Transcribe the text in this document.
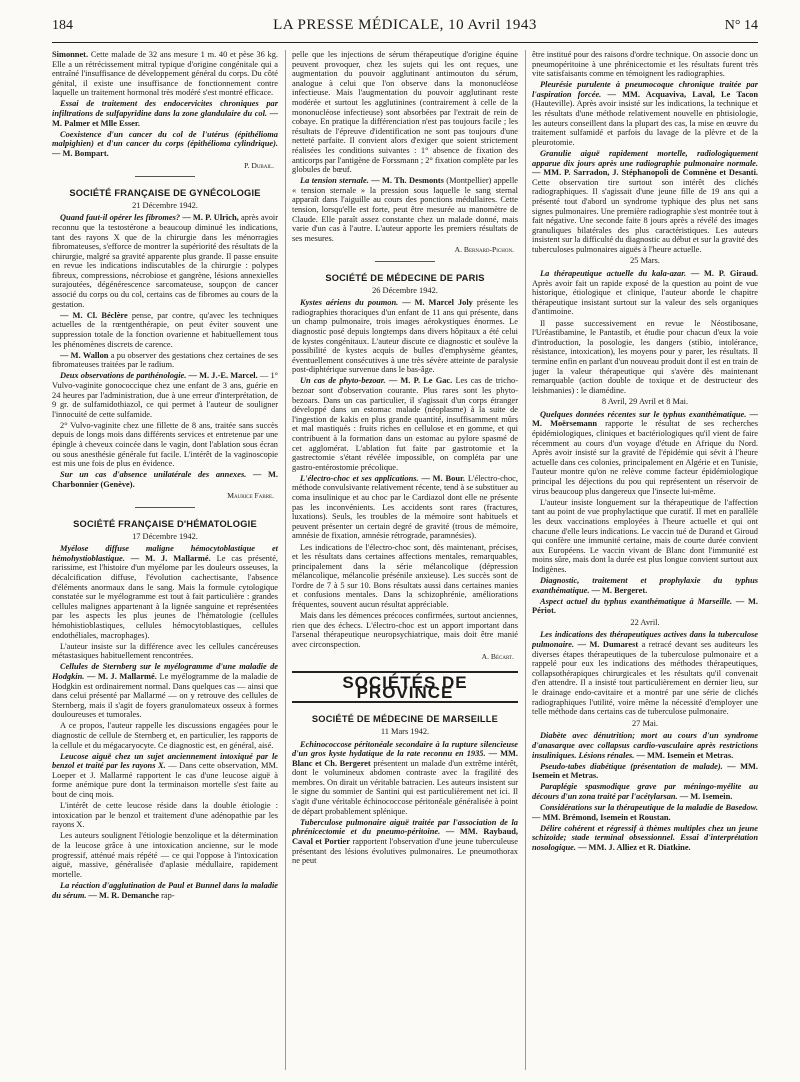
184	LA PRESSE MÉDICALE, 10 Avril 1943	N° 14

Simonnet. Cette malade de 32 ans mesure 1 m. 40 et pèse 36 kg. Elle a un rétrécissement mitral typique d'origine congénitale qui a entraîné l'insuffisance de développement général du corps. Du côté génital, il existe une insuffisance de fonctionnement contre laquelle un traitement hormonal très modéré s'est montré efficace.

Essai de traitement des endocervicites chroniques par infiltrations de sulfapyridine dans la zone glandulaire du col. — M. Palmer et Mlle Esser.

Coexistence d'un cancer du col de l'utérus (épithélioma malpighien) et d'un cancer du corps (épithélioma cylindrique). — M. Bompart.

P. Dubail.
SOCIÉTÉ FRANÇAISE DE GYNÉCOLOGIE
21 Décembre 1942.

Quand faut-il opérer les fibromes? — M. P. Ulrich, après avoir reconnu que la testostérone a beaucoup diminué les indications, tant des rayons X que de la chirurgie dans les ménorragies fibromateuses, s'efforce de montrer la supériorité des résultats de la chirurgie, malgré sa gravité apparente plus grande. Il passe ensuite en revue les indications indiscutables de la chirurgie : polypes fibreux, compressions, nécrobiose et gangrène, lésions annexielles surajoutées, dégénérescence sarcomateuse, soupçon de cancer associé du corps ou du col, certains cas de fibromes au cours de la gestation.

— M. Cl. Béclère pense, par contre, qu'avec les techniques actuelles de la rœntgenthérapie, on peut éviter souvent une suppression totale de la fonction ovarienne et habituellement tous les phénomènes discrets de carence.

— M. Wallon a pu observer des gestations chez certaines de ses fibromateuses traitées par le radium.

Deux observations de parthénologie. — M. J.-E. Marcel. — 1° Vulvo-vaginite gonococcique chez une enfant de 3 ans, guérie en 24 heures par l'administration, due à une erreur d'interprétation, de 9 gr. de sulfamidothiazol, ce qui permet à l'auteur de souligner l'innocuité de cette sulfamide.

2° Vulvo-vaginite chez une fillette de 8 ans, traitée sans succès depuis de longs mois dans différents services et entretenue par une épingle à cheveux coincée dans le vagin, dont l'ablation sous écran ou sous anesthésie générale fut facile. L'intérêt de la vaginoscopie est mis une fois de plus en évidence.

Sur un cas d'absence unilatérale des annexes. — M. Charbonnier (Genève).

Maurice Fabre.
SOCIÉTÉ FRANÇAISE D'HÉMATOLOGIE
17 Décembre 1942.

Myélose diffuse maligne hémocytoblastique et hémohystioblastique. — M. J. Mallarmé. Le cas présenté, rarissime, est l'histoire d'un myélome par les douleurs osseuses, la décalcification diffuse, l'évolution cachectisante, l'absence d'éléments anormaux dans le sang. Mais la formule cytologique constatée sur le myélogramme est tout à fait particulière : grandes cellules malignes appartenant à la lignée sanguine et représentées par les aspects les plus jeunes de l'hématologie (cellules hémohistioblastiques, cellules hémocytoblastiques, cellules endothéliales, macrophages).

L'auteur insiste sur la différence avec les cellules cancéreuses métastasiques habituellement rencontrées.

Cellules de Sternberg sur le myélogramme d'une maladie de Hodgkin. — M. J. Mallarmé. Le myélogramme de la maladie de Hodgkin est ordinairement normal. Dans quelques cas — ainsi que dans celui présenté par Mallarmé — on y retrouve des cellules de Sternberg, mais il s'agit de foyers granulomateux osseux à formes douloureuses et tumorales.

A ce propos, l'auteur rappelle les discussions engagées pour le diagnostic de cellule de Sternberg et, en particulier, les rapports de la cellule et du mégacaryocyte. Ce diagnostic est, en général, aisé.

Leucose aiguë chez un sujet anciennement intoxiqué par le benzol et traité par les rayons X. — Dans cette observation, MM. Loeper et J. Mallarmé rapportent le cas d'une leucose aiguë à forme anémique pure dont la terminaison mortelle s'est faite au bout de cinq mois.

L'intérêt de cette leucose réside dans la double étiologie : intoxication par le benzol et traitement d'une adénopathie par les rayons X.

Les auteurs soulignent l'étiologie benzolique et la détermination de la leucose grâce à une intoxication ancienne, sur le mode progressif, atténué mais répété — ce qui l'oppose à l'intoxication aiguë, massive, généralisée d'aplasie médullaire, rapidement mortelle.

La réaction d'agglutination de Paul et Bunnel dans la maladie du sérum. — M. R. Demanche rap-

pelle que les injections de sérum thérapeutique d'origine équine peuvent provoquer, chez les sujets qui les ont reçues, une augmentation du pouvoir agglutinant antimouton du sérum, analogue à celui que l'on observe dans la mononucléose infectieuse. Mais l'augmentation du pouvoir agglutinant reste modérée et surtout les agglutinines (contrairement à celle de la mononucléose infectieuse) sont absorbées par l'extrait de rein de cobaye. En pratique la différenciation n'est pas toujours facile ; les résultats de l'épreuve d'identification ne sont pas toujours d'une netteté parfaite. Il convient alors d'exiger que soient strictement réalisées les conditions suivantes : 1° absence de fixation des anticorps par l'antigène de Forssmann ; 2° fixation complète par les globules de bœuf.

La tension sternale. — M. Th. Desmonts (Montpellier) appelle « tension sternale » la pression sous laquelle le sang sternal apparaît dans l'aiguille au cours des ponctions médullaires. Cette tension, lorsqu'elle est forte, peut être mesurée au manomètre de Claude. Elle paraît assez constante chez un malade donné, mais varie d'un cas à l'autre. L'auteur apporte les premiers résultats de ses mesures.

A. Bernard-Pichon.
SOCIÉTÉ DE MÉDECINE DE PARIS
26 Décembre 1942.

Kystes aériens du poumon. — M. Marcel Joly présente les radiographies thoraciques d'un enfant de 11 ans qui présente, dans un champ pulmonaire, trois images aérokystiques énormes. Le diagnostic posé depuis longtemps dans divers hôpitaux a été celui de kystes congénitaux. L'auteur discute ce diagnostic et soulève la possibilité de kystes acquis de bulles d'emphysème géantes, éventuellement consécutives à une très sévère atteinte de paralysie post-diphtérique survenue dans le bas-âge.

Un cas de phyto-bezoar. — M. P. Le Gac. Les cas de tricho-bezoar sont d'observation courante. Plus rares sont les phyto-bezoars. Dans un cas particulier, il s'agissait d'un corps étranger développé dans un estomac malade (néoplasme) à la suite de l'ingestion de kakis en plus grande quantité, insuffisamment mûrs et mal mastiqués : fruits riches en cellulose et en gomme, et qui contribuent à la formation dans un estomac au pylore spasmé de cet agglomérat. L'ablation fut faite par gastrotomie et la gastrectomie s'étant révélée impossible, on compléta par une gastro-entérostomie précolique.

L'électro-choc et ses applications. — M. Bour. L'électro-choc, méthode convulsivante relativement récente, tend à se substituer au coma insulinique et au choc par le Cardiazol dont elle ne présente pas les inconvénients. Les accidents sont rares (fractures, luxations). Seuls, les troubles de la mémoire sont habituels et peuvent présenter un certain degré de gravité (trous de mémoire, amnésie de fixation, amnésie rétrograde, paramnésies).

Les indications de l'électro-choc sont, dès maintenant, précises, et les résultats dans certaines affections mentales, remarquables, principalement dans la série mélancolique (dépression mélancolique, mélancolie présénile anxieuse). Les succès sont de l'ordre de 7 à 5 sur 10. Bons résultats aussi dans certaines manies et confusions mentales. Dans la schizophrénie, améliorations fréquentes, souvent aucun résultat appréciable.

Mais dans les démences précoces confirmées, surtout anciennes, rien que des échecs. L'électro-choc est un apport important dans l'arsenal thérapeutique neuropsychiatrique, mais doit être manié avec circonspection.

A. Bécart.
SOCIÉTÉS DE PROVINCE
SOCIÉTÉ DE MÉDECINE DE MARSEILLE
11 Mars 1942.

Echinococcose péritonéale secondaire à la rupture silencieuse d'un gros kyste hydatique de la rate reconnu en 1935. — MM. Blanc et Ch. Bergeret présentent un malade d'un extrême intérêt, dont le volumineux abdomen contraste avec la fragilité des membres. On dirait un véritable batracien. Les auteurs insistent sur le signe du sommier de Santini qui est particulièrement net ici. Il s'agit d'une véritable échinococcose péritonéale généralisée à point de départ probablement splénique.

Tuberculose pulmonaire aiguë traitée par l'association de la phrénicectomie et du pneumo-péritoine. — MM. Raybaud, Caval et Portier rapportent l'observation d'une jeune tuberculeuse présentant des lésions évolutives pulmonaires. Le pneumothorax ne peut

être institué pour des raisons d'ordre technique. On associe donc un pneumopéritoine à une phrénicectomie et les résultats furent très vite satisfaisants comme en témoignent les radiographies.

Pleurésie purulente à pneumocoque chronique traitée par l'aspiration forcée. — MM. Acquaviva, Laval, Le Tacon (Hauteville). Après avoir insisté sur les indications, la technique et les résultats d'une méthode relativement nouvelle en phtisiologie, les auteurs conseillent dans la plupart des cas, la mise en œuvre du traitement sulfamidé et parfois du lavage de la plèvre et de la pleurotomie.

Granulie aiguë rapidement mortelle, radiologiquement apparue dix jours après une radiographie pulmonaire normale. — MM. P. Sarradon, J. Stéphanopoli de Comnène et Desanti. Cette observation tire surtout son intérêt des clichés radiographiques. Il s'agissait d'une jeune fille de 19 ans qui a présenté tout d'abord un syndrome typhique des plus net sans signes pulmonaires. Une première radiographie s'est montrée tout à fait négative. Une seconde faite 8 jours après a révélé des images granuliques bilatérales des plus caractéristiques. Les auteurs insistent sur la difficulté du diagnostic au début et sur la gravité des tuberculoses pulmonaires aiguës à l'heure actuelle.

25 Mars.

La thérapeutique actuelle du kala-azar. — M. P. Giraud. Après avoir fait un rapide exposé de la question au point de vue historique, étiologique et clinique, l'auteur aborde le chapitre thérapeutique insistant surtout sur la valeur des sels organiques d'antimoine.

Il passe successivement en revue le Néostibosane, l'Uréastibamine, le Pantastib, et étudie pour chacun d'eux la voie d'introduction, la posologie, les dangers (stibio, intolérance, résistance, intoxication), les moyens pour y parer, les résultats. Il termine enfin en parlant d'un nouveau produit dont il est en train de juger la valeur thérapeutique qui s'avère dès maintenant remarquable (action double de toxique et de destructeur des leishmanies) : le diamédine.

8 Avril, 29 Avril et 8 Mai.

Quelques données récentes sur le typhus exanthématique. — M. Moërsemann rapporte le résultat de ses recherches épidémiologiques, cliniques et bactériologiques qu'il vient de faire récemment au cours d'un voyage d'étude en Afrique du Nord. Après avoir insisté sur la gravité de l'épidémie qui sévit à l'heure actuelle dans ces colonies, principalement en Algérie et en Tunisie, l'auteur montre qu'on ne relève comme facteur épidémiologique principal les déjections du pou qui représentent un réservoir de virus beaucoup plus dangereux que l'insecte lui-même.

L'auteur insiste longuement sur la thérapeutique de l'affection tant au point de vue prophylactique que curatif. Il met en parallèle les deux vaccinations employées à l'heure actuelle et qui ont chacune d'elle leurs indications. Le vaccin tué de Durand et Giroud qui confère une immunité certaine, mais de courte durée convient aux Européens. Le vaccin vivant de Blanc dont l'immunité est moins sûre, mais dont la durée est plus longue convient surtout aux Indigènes.

Diagnostic, traitement et prophylaxie du typhus exanthématique. — M. Bergeret.

Aspect actuel du typhus exanthématique à Marseille. — M. Périot.

22 Avril.

Les indications des thérapeutiques actives dans la tuberculose pulmonaire. — M. Dumarest a retracé devant ses auditeurs les diverses étapes thérapeutiques de la tuberculose pulmonaire et a rappelé pour eux les indications des méthodes thérapeutiques, collapsothérapiques chirurgicales et les résultats qu'il convenait d'en attendre. Il a insisté tout particulièrement en dernier lieu, sur le drainage endo-cavitaire et a montré par une série de clichés radiographiques l'utilité, voire même la nécessité d'employer une telle méthode dans certains cas de tuberculose pulmonaire.

27 Mai.

Diabète avec dénutrition; mort au cours d'un syndrome d'anasarque avec collapsus cardio-vasculaire après restrictions insuliniques. Lésions rénales. — MM. Isemein et Metras.

Pseudo-tabes diabétique (présentation de malade). — MM. Isemein et Metras.

Paraplégie spasmodique grave par méningo-myélite au décours d'un zona traité par l'acétylarsan. — M. Isemein.

Considérations sur la thérapeutique de la maladie de Basedow. — MM. Brémond, Isemein et Roustan.

Délire cohérent et régressif à thèmes multiples chez un jeune schizoïde; stade terminal obsessionnel. Essai d'interprétation nosologique. — MM. J. Alliez et R. Diatkine.
